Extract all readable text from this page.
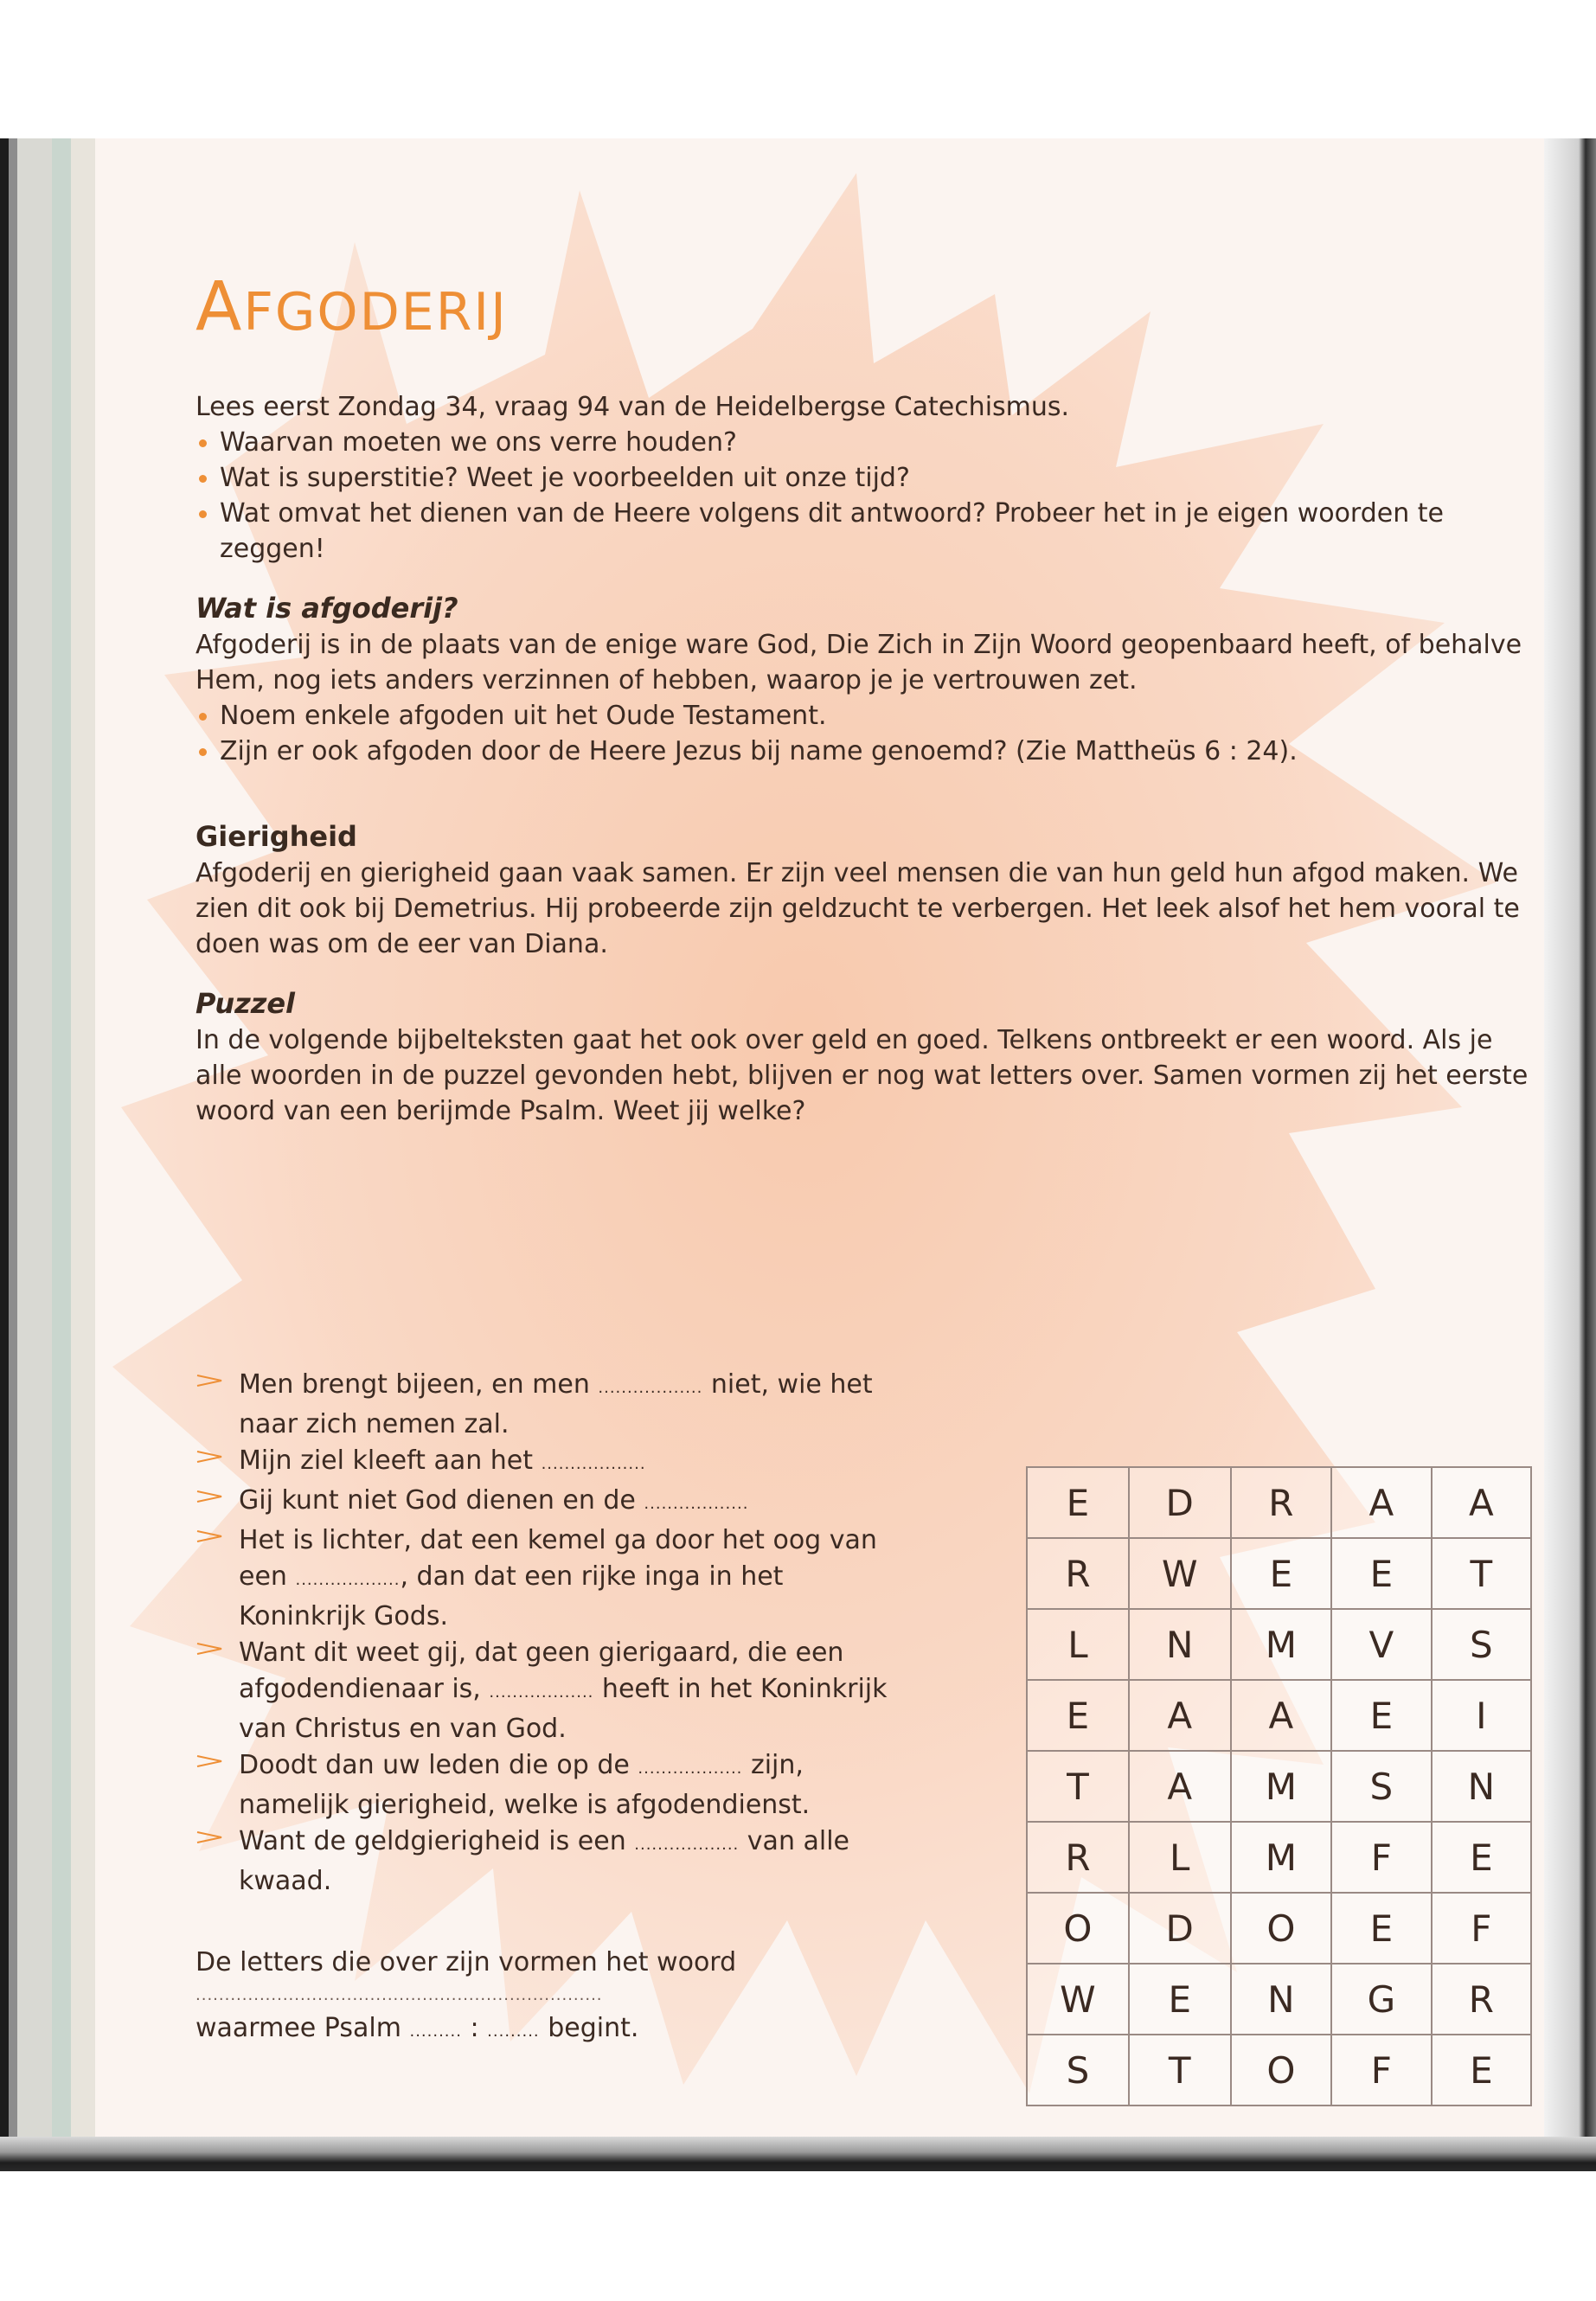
AFGODERIJ

Lees eerst Zondag 34, vraag 94 van de Heidelbergse Catechismus.

Waarvan moeten we ons verre houden?
Wat is superstitie? Weet je voorbeelden uit onze tijd?
Wat omvat het dienen van de Heere volgens dit antwoord? Probeer het in je eigen woorden te zeggen!
Wat is afgoderij?

Afgoderij is in de plaats van de enige ware God, Die Zich in Zijn Woord geopenbaard heeft, of behalve Hem, nog iets anders verzinnen of hebben, waarop je je vertrouwen zet.

Noem enkele afgoden uit het Oude Testament.
Zijn er ook afgoden door de Heere Jezus bij name genoemd? (Zie Mattheüs 6 : 24).
Gierigheid

Afgoderij en gierigheid gaan vaak samen. Er zijn veel mensen die van hun geld hun afgod maken. We zien dit ook bij Demetrius. Hij probeerde zijn geldzucht te verbergen. Het leek alsof het hem vooral te doen was om de eer van Diana.

Puzzel

In de volgende bijbelteksten gaat het ook over geld en goed. Telkens ontbreekt er een woord. Als je alle woorden in de puzzel gevonden hebt, blijven er nog wat letters over. Samen vormen zij het eerste woord van een berijmde Psalm. Weet jij welke?

Men brengt bijeen, en men .................. niet, wie het naar zich nemen zal.
Mijn ziel kleeft aan het ..................
Gij kunt niet God dienen en de ..................
Het is lichter, dat een kemel ga door het oog van een .................., dan dat een rijke inga in het Koninkrijk Gods.
Want dit weet gij, dat geen gierigaard, die een afgodendienaar is, .................. heeft in het Koninkrijk van Christus en van God.
Doodt dan uw leden die op de .................. zijn, namelijk gierigheid, welke is afgodendienst.
Want de geldgierigheid is een .................. van alle kwaad.
E	D	R	A	A
R	W	E	E	T
L	N	M	V	S
E	A	A	E	I
T	A	M	S	N
R	L	M	F	E
O	D	O	E	F
W	E	N	G	R
S	T	O	F	E

De letters die over zijn vormen het woord

......................................................................

waarmee Psalm ......... : ......... begint.
